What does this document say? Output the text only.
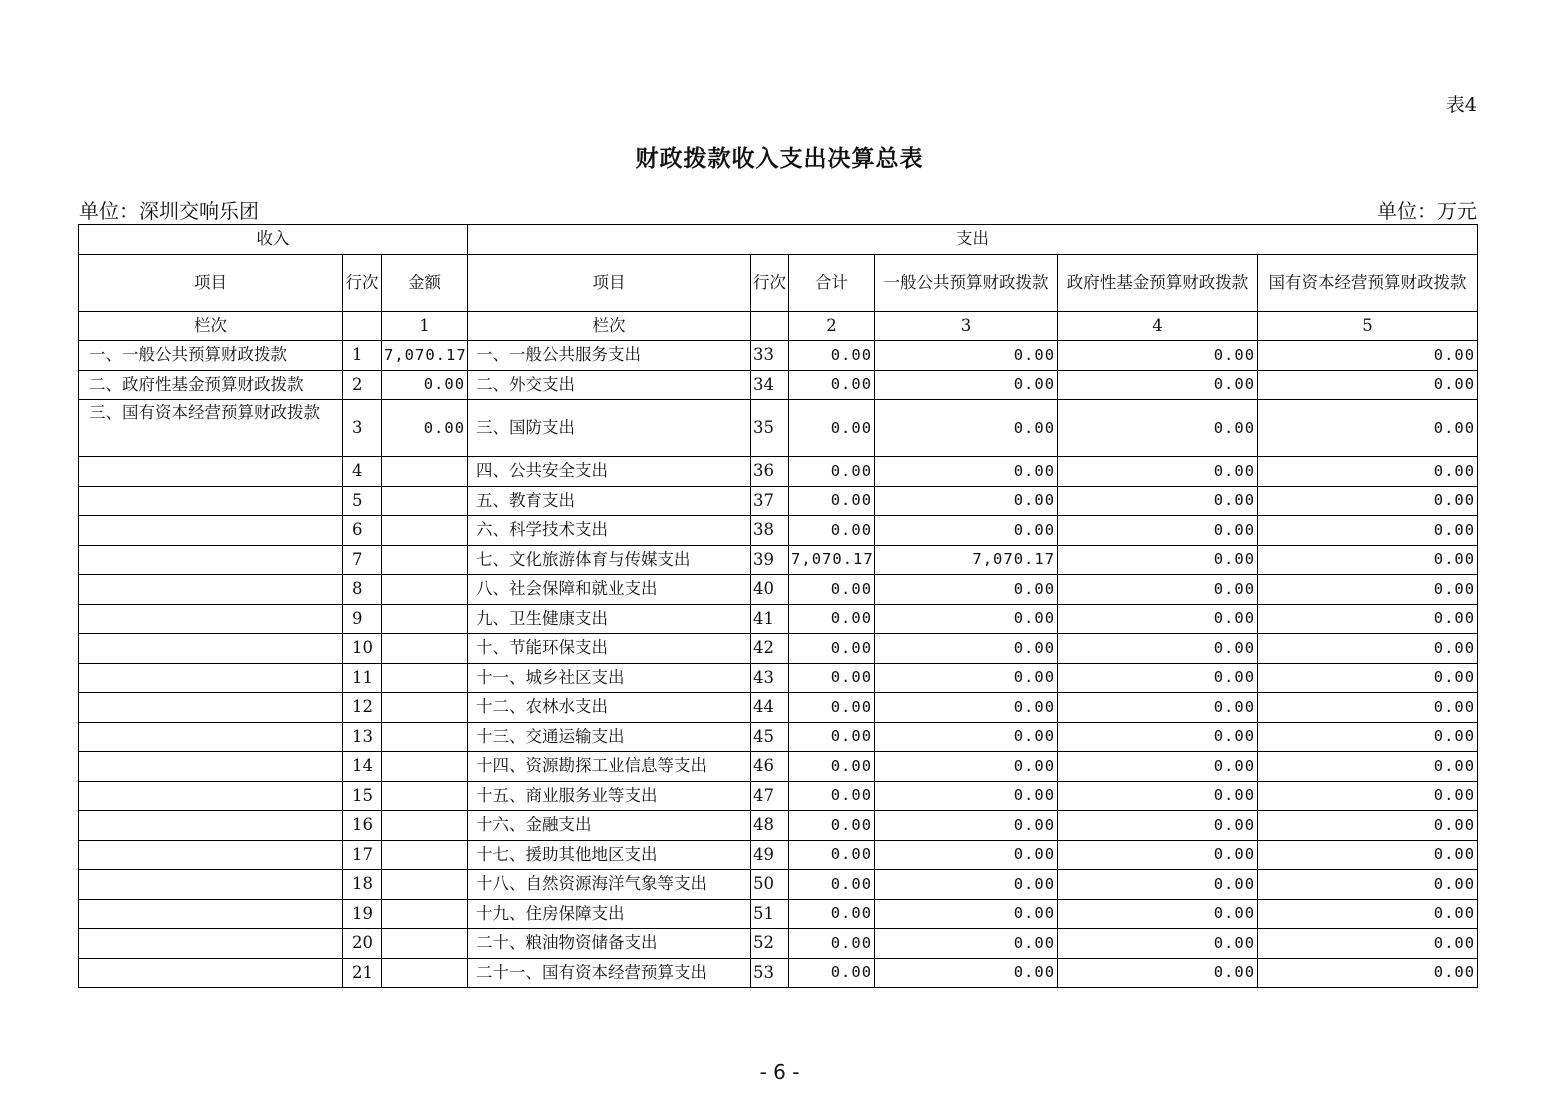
表4
财政拨款收入支出决算总表
单位：深圳交响乐团	单位：万元
收入			支出					
项目	行次	金额	项目	行次	合计	一般公共预算财政拨款	政府性基金预算财政拨款	国有资本经营预算财政拨款
栏次		1	栏次		2	3	4	5
一、一般公共预算财政拨款	1	7,070.17	一、一般公共服务支出	33	0.00	0.00	0.00	0.00
二、政府性基金预算财政拨款	2	0.00	二、外交支出	34	0.00	0.00	0.00	0.00
三、国有资本经营预算财政拨款	3	0.00	三、国防支出	35	0.00	0.00	0.00	0.00
	4		四、公共安全支出	36	0.00	0.00	0.00	0.00
	5		五、教育支出	37	0.00	0.00	0.00	0.00
	6		六、科学技术支出	38	0.00	0.00	0.00	0.00
	7		七、文化旅游体育与传媒支出	39	7,070.17	7,070.17	0.00	0.00
	8		八、社会保障和就业支出	40	0.00	0.00	0.00	0.00
	9		九、卫生健康支出	41	0.00	0.00	0.00	0.00
	10		十、节能环保支出	42	0.00	0.00	0.00	0.00
	11		十一、城乡社区支出	43	0.00	0.00	0.00	0.00
	12		十二、农林水支出	44	0.00	0.00	0.00	0.00
	13		十三、交通运输支出	45	0.00	0.00	0.00	0.00
	14		十四、资源勘探工业信息等支出	46	0.00	0.00	0.00	0.00
	15		十五、商业服务业等支出	47	0.00	0.00	0.00	0.00
	16		十六、金融支出	48	0.00	0.00	0.00	0.00
	17		十七、援助其他地区支出	49	0.00	0.00	0.00	0.00
	18		十八、自然资源海洋气象等支出	50	0.00	0.00	0.00	0.00
	19		十九、住房保障支出	51	0.00	0.00	0.00	0.00
	20		二十、粮油物资储备支出	52	0.00	0.00	0.00	0.00
	21		二十一、国有资本经营预算支出	53	0.00	0.00	0.00	0.00
- 6 -
